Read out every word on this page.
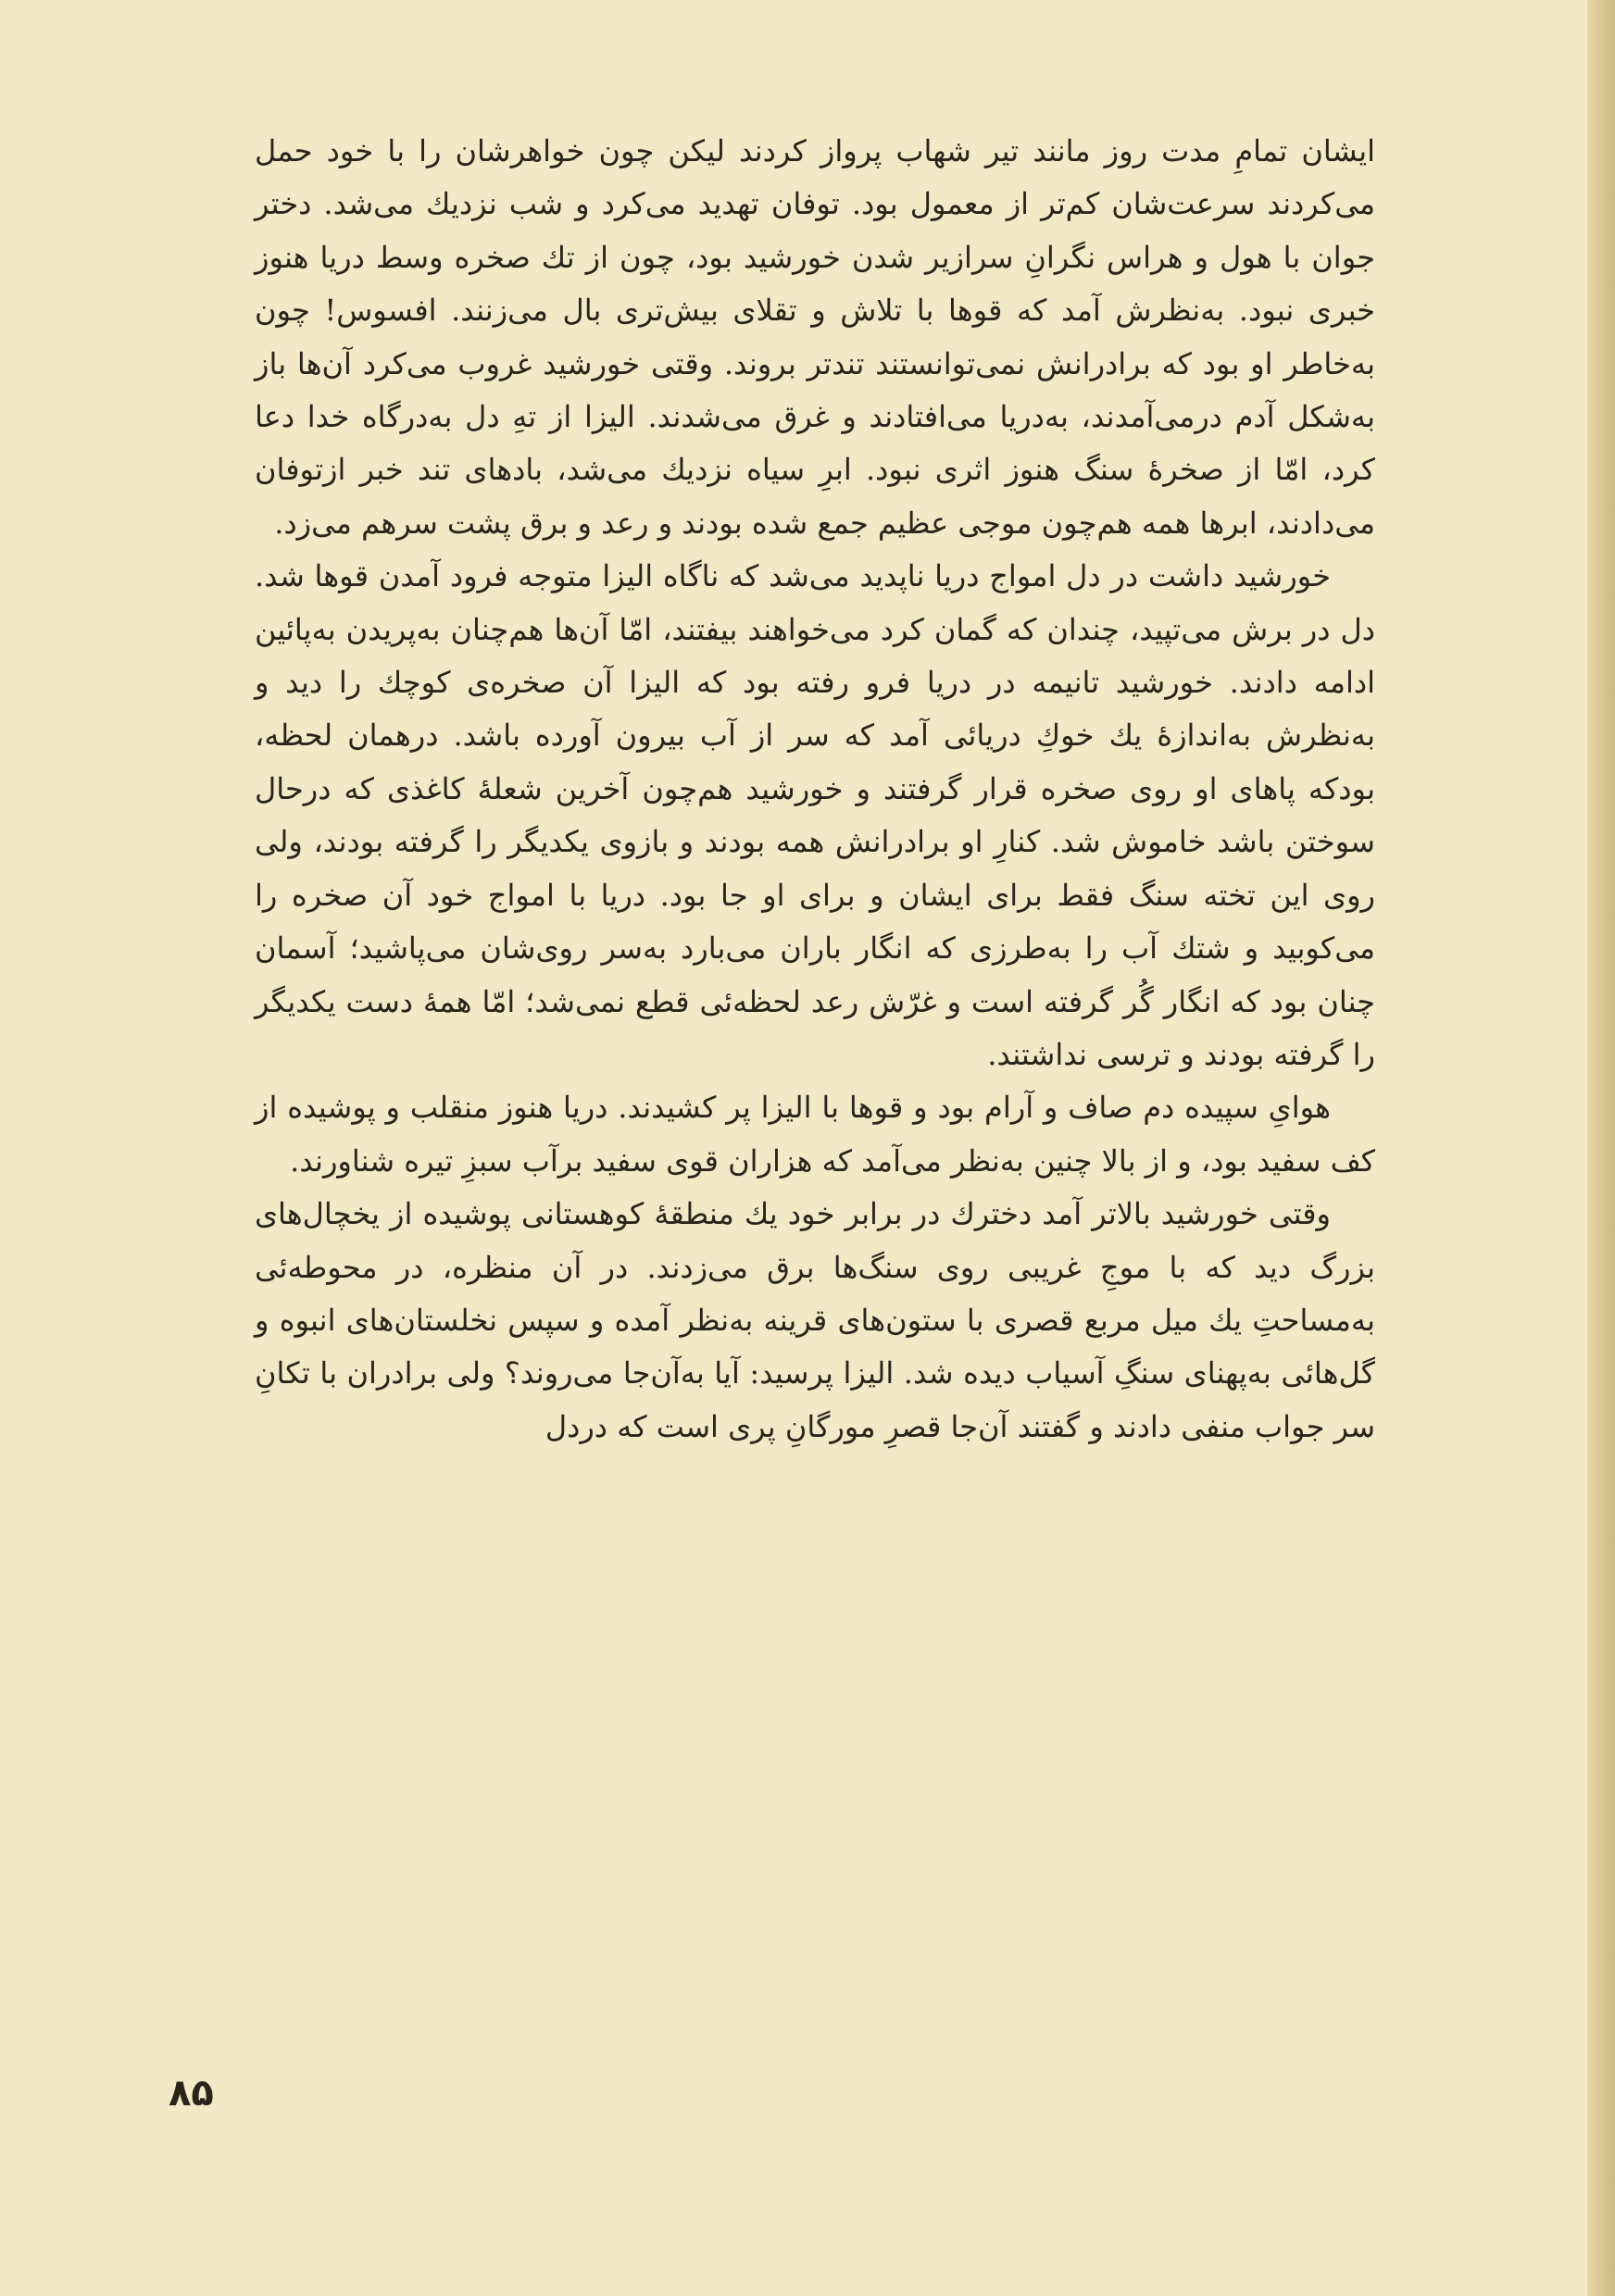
ایشان تمامِ مدت روز مانند تیر شهاب پرواز کردند لیکن چون خواهرشان را با خود حمل می‌کردند سرعت‌شان کم‌تر از معمول بود. توفان تهدید می‌کرد و شب نزدیك می‌شد. دختر جوان با هول و هراس نگرانِ سرازیر شدن خورشید بود، چون از تك صخره وسط دریا هنوز خبری نبود. به‌نظرش آمد که قوها با تلاش و تقلای بیش‌تری بال می‌زنند. افسوس! چون به‌خاطر او بود که برادرانش نمی‌توانستند تندتر بروند. وقتی خورشید غروب می‌کرد آن‌ها باز به‌شکل آدم درمی‌آمدند، به‌دریا می‌افتادند و غرق می‌شدند. الیزا از تهِ دل به‌درگاه خدا دعا کرد، امّا از صخرهٔ سنگ هنوز اثری نبود. ابرِ سیاه نزدیك می‌شد، بادهای تند خبر ازتوفان می‌دادند، ابرها همه هم‌چون موجی عظیم جمع شده بودند و رعد و برق پشت سرهم می‌زد.

خورشید داشت در دل امواج دریا ناپدید می‌شد که ناگاه الیزا متوجه فرود آمدن قوها شد. دل در برش می‌تپید، چندان که گمان کرد می‌خواهند بیفتند، امّا آن‌ها هم‌چنان به‌پریدن به‌پائین ادامه دادند. خورشید تانیمه در دریا فرو رفته بود که الیزا آن صخره‌ی کوچك را دید و به‌نظرش به‌اندازهٔ یك خوكِ دریائی آمد که سر از آب بیرون آورده باشد. درهمان لحظه، بودکه پاهای او روی صخره قرار گرفتند و خورشید هم‌چون آخرین شعلهٔ کاغذی که درحال سوختن باشد خاموش شد. کنارِ او برادرانش همه بودند و بازوی یکدیگر را گرفته بودند، ولی روی این تخته سنگ فقط برای ایشان و برای او جا بود. دریا با امواج خود آن صخره را می‌کوبید و شتك آب را به‌طرزی که انگار باران می‌بارد به‌سر روی‌شان می‌پاشید؛ آسمان چنان بود که انگار گُر گرفته است و غرّش رعد لحظه‌ئی قطع نمی‌شد؛ امّا همهٔ دست یکدیگر را گرفته بودند و ترسی نداشتند.

هوایِ سپیده دم صاف و آرام بود و قوها با الیزا پر کشیدند. دریا هنوز منقلب و پوشیده از کف سفید بود، و از بالا چنین به‌نظر می‌آمد که هزاران قوی سفید برآب سبزِ تیره شناورند.

وقتی خورشید بالاتر آمد دخترك در برابر خود یك منطقهٔ کوهستانی پوشیده از یخچال‌های بزرگ دید که با موجِ غریبی روی سنگ‌ها برق می‌زدند. در آن منظره، در محوطه‌ئی به‌مساحتِ یك میل مربع قصری با ستون‌های قرینه به‌نظر آمده و سپس نخلستان‌های انبوه و گل‌هائی به‌پهنای سنگِ آسیاب دیده شد. الیزا پرسید: آیا به‌آن‌جا می‌روند؟ ولی برادران با تکانِ سر جواب منفی دادند و گفتند آن‌جا قصرِ مورگانِ پری است که دردل

۸۵
